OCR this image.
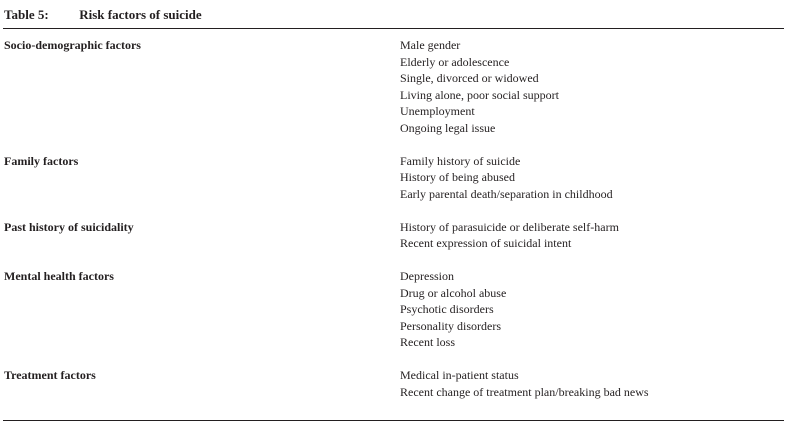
Table 5: Risk factors of suicide
Socio-demographic factors	Male gender
Elderly or adolescence
Single, divorced or widowed
Living alone, poor social support
Unemployment
Ongoing legal issue
Family factors	Family history of suicide
History of being abused
Early parental death/separation in childhood
Past history of suicidality	History of parasuicide or deliberate self-harm
Recent expression of suicidal intent
Mental health factors	Depression
Drug or alcohol abuse
Psychotic disorders
Personality disorders
Recent loss
Treatment factors	Medical in-patient status
Recent change of treatment plan/breaking bad news
